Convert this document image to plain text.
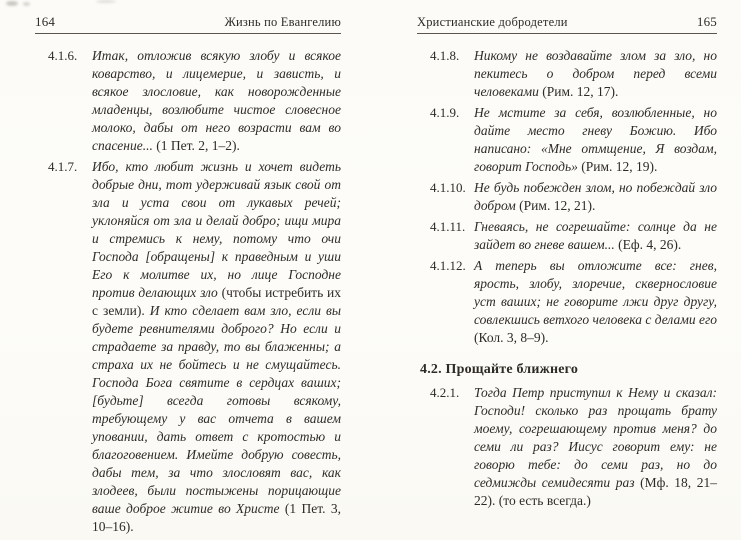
164	Жизнь по Евангелию
4.1.6.	Итак, отложив всякую злобу и всякое коварство, и лицемерие, и зависть, и всякое злословие, как новорожденные младенцы, возлюбите чистое словесное молоко, дабы от него возрасти вам во спасение... (1 Пет. 2, 1–2).
4.1.7.	Ибо, кто любит жизнь и хочет видеть добрые дни, тот удерживай язык свой от зла и уста свои от лукавых речей; уклоняйся от зла и делай добро; ищи мира и стремись к нему, потому что очи Господа [обращены] к праведным и уши Его к молитве их, но лице Господне против делающих зло (чтобы истребить их с земли). И кто сделает вам зло, если вы будете ревнителями доброго? Но если и страдаете за правду, то вы блаженны; а страха их не бойтесь и не смущайтесь. Господа Бога святите в сердцах ваших; [будьте] всегда готовы всякому, требующему у вас отчета в вашем уповании, дать ответ с кротостью и благоговением. Имейте добрую совесть, дабы тем, за что злословят вас, как злодеев, были постыжены порицающие ваше доброе житие во Христе (1 Пет. 3, 10–16).
Христианские добродетели	165
4.1.8.	Никому не воздавайте злом за зло, но пекитесь о добром перед всеми человеками (Рим. 12, 17).
4.1.9.	Не мстите за себя, возлюбленные, но дайте место гневу Божию. Ибо написано: «Мне отмщение, Я воздам, говорит Господь» (Рим. 12, 19).
4.1.10. Не будь побежден злом, но побеждай зло добром (Рим. 12, 21).
4.1.11. Гневаясь, не согрешайте: солнце да не зайдет во гневе вашем... (Еф. 4, 26).
4.1.12. А теперь вы отложите все: гнев, ярость, злобу, злоречие, сквернословие уст ваших; не говорите лжи друг другу, совлекшись ветхого человека с делами его (Кол. 3, 8–9).
4.2. Прощайте ближнего
4.2.1.	Тогда Петр приступил к Нему и сказал: Господи! сколько раз прощать брату моему, согрешающему против меня? до семи ли раз? Иисус говорит ему: не говорю тебе: до семи раз, но до седмижды семидесяти раз (Мф. 18, 21–22). (то есть всегда.)
